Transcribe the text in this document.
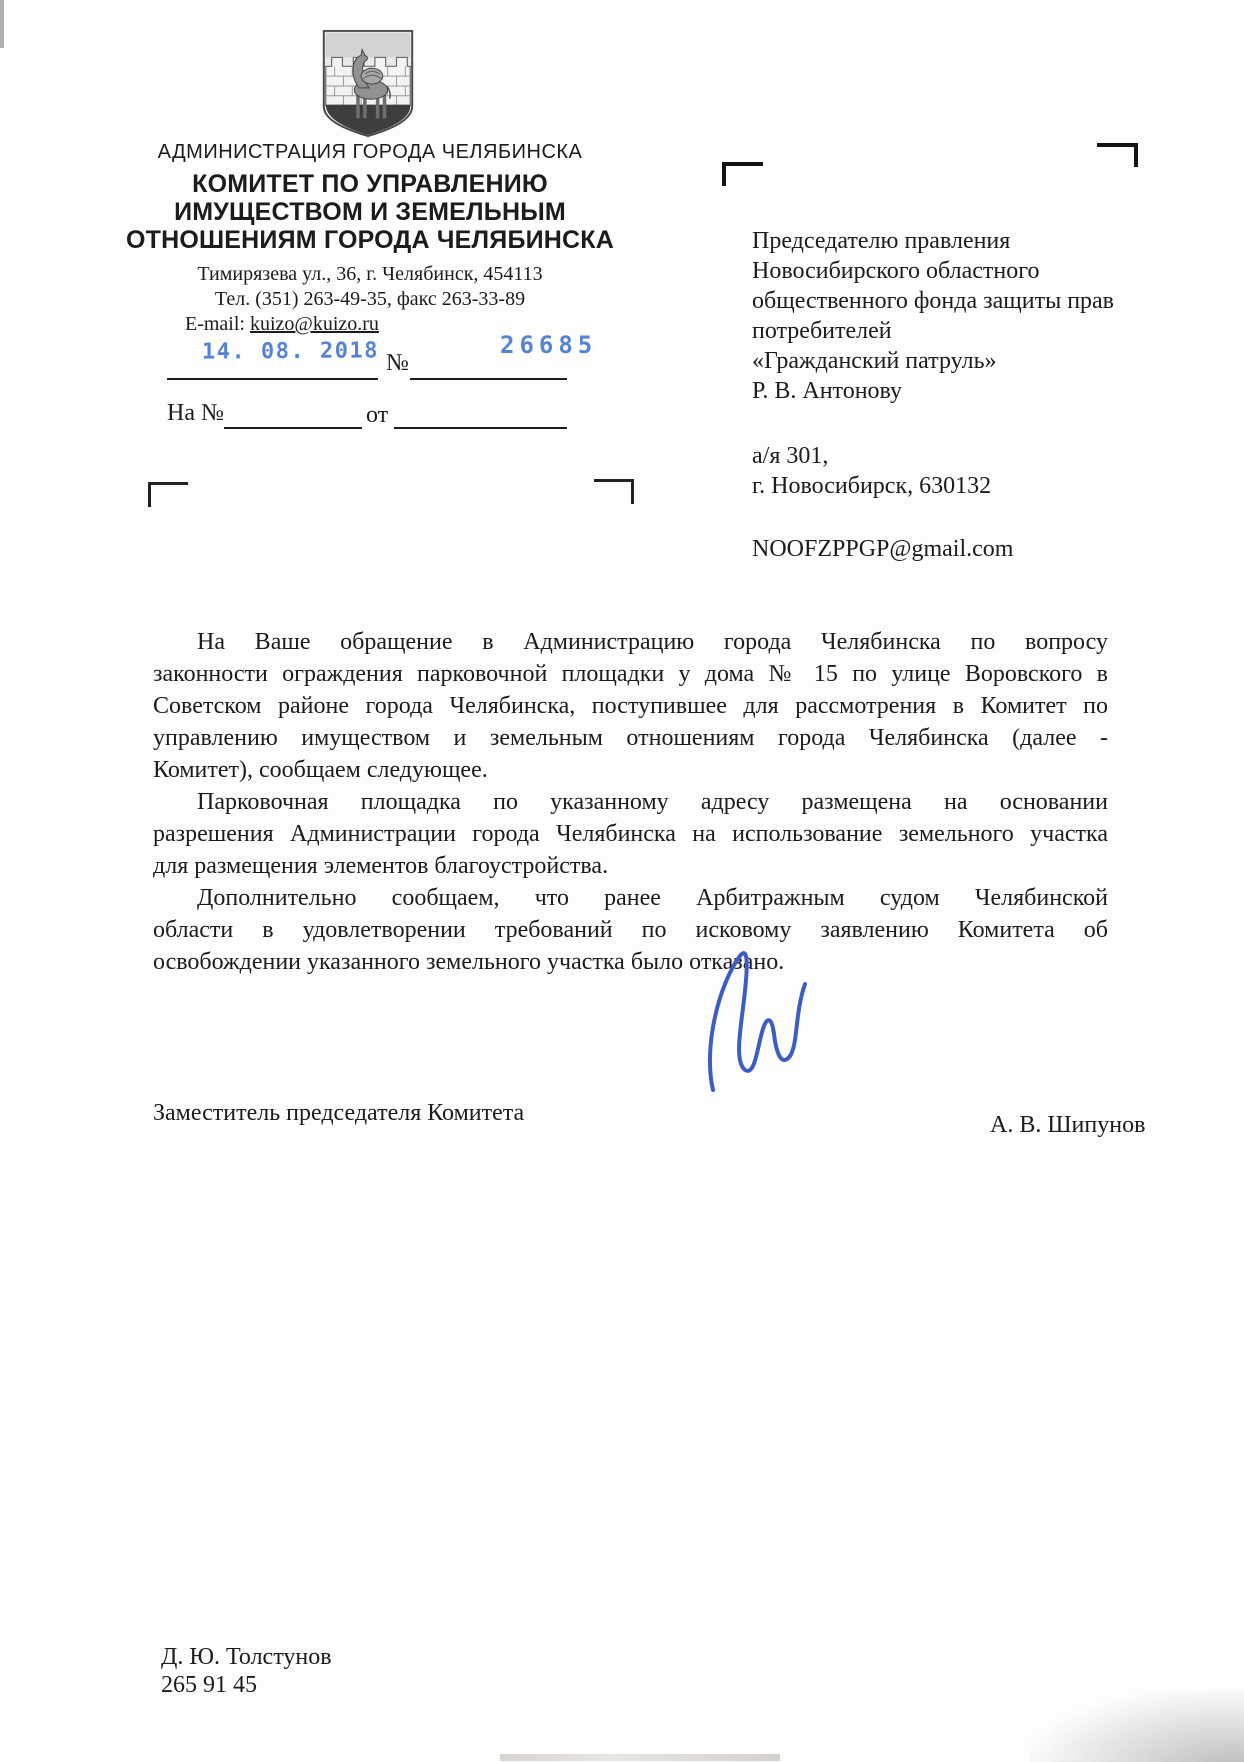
АДМИНИСТРАЦИЯ ГОРОДА ЧЕЛЯБИНСКА
КОМИТЕТ ПО УПРАВЛЕНИЮ
ИМУЩЕСТВОМ И ЗЕМЕЛЬНЫМ
ОТНОШЕНИЯМ ГОРОДА ЧЕЛЯБИНСКА
Тимирязева ул., 36, г. Челябинск, 454113
Тел. (351) 263-49-35, факс 263-33-89
E-mail: kuizo@kuizo.ru
14. 08. 2018	26685
№
На №	от
Председателю правления
Новосибирского областного
общественного фонда защиты прав
потребителей
«Гражданский патруль»
Р. В. Антонову
а/я 301,
г. Новосибирск, 630132
NOOFZPPGP@gmail.com
На Ваше обращение в Администрацию города Челябинска по вопросу
законности ограждения парковочной площадки у дома № 15 по улице Воровского в
Советском районе города Челябинска, поступившее для рассмотрения в Комитет по
управлению имуществом и земельным отношениям города Челябинска (далее -
Комитет), сообщаем следующее.
Парковочная площадка по указанному адресу размещена на основании
разрешения Администрации города Челябинска на использование земельного участка
для размещения элементов благоустройства.
Дополнительно сообщаем, что ранее Арбитражным судом Челябинской
области в удовлетворении требований по исковому заявлению Комитета об
освобождении указанного земельного участка было отказано.
Заместитель председателя Комитета	А. В. Шипунов
Д. Ю. Толстунов
265 91 45
